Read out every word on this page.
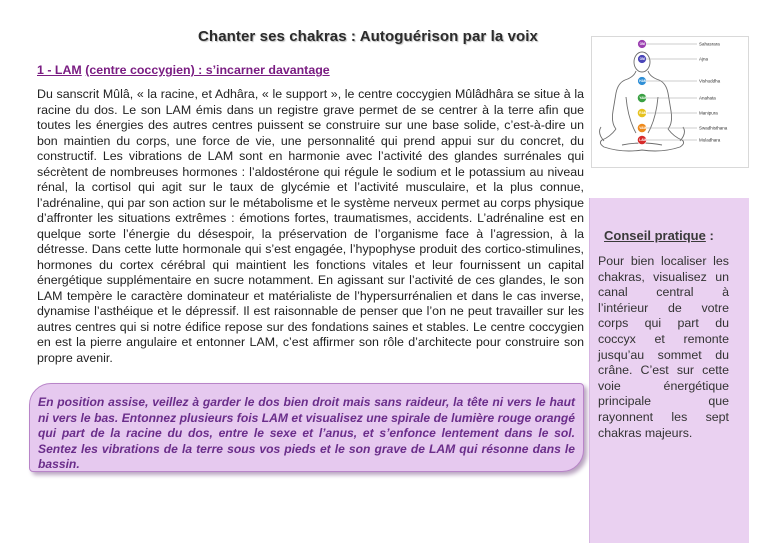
Chanter ses chakras : Autoguérison par la voix
1 - LAM (centre coccygien) : s’incarner davantage
Du sanscrit Mûlâ, « la racine, et Adhâra, « le support », le centre coccygien Mûlâdhâra se situe à la racine du dos. Le son LAM émis dans un registre grave permet de se centrer à la terre afin que toutes les énergies des autres centres puissent se construire sur une base solide, c’est-à-dire un bon maintien du corps, une force de vie, une personnalité qui prend appui sur du concret, du constructif. Les vibrations de LAM sont en harmonie avec l’activité des glandes surrénales qui sécrètent de nombreuses hormones : l’aldostérone qui régule le sodium et le potassium au niveau rénal, la cortisol qui agit sur le taux de glycémie et l’activité musculaire, et la plus connue, l’adrénaline, qui par son action sur le métabolisme et le système nerveux permet au corps physique d’affronter les situations extrêmes : émotions fortes, traumatismes, accidents. L’adrénaline est en quelque sorte l’énergie du désespoir, la préservation de l’organisme face à l’agression, à la détresse. Dans cette lutte hormonale qui s’est engagée, l’hypophyse produit des cortico-stimulines, hormones du cortex cérébral qui maintient les fonctions vitales et leur fournissent un capital énergétique supplémentaire en sucre notamment. En agissant sur l’activité de ces glandes, le son LAM tempère le caractère dominateur et matérialiste de l’hypersurrénalien et dans le cas inverse, dynamise l’asthéique et le dépressif. Il est raisonnable de penser que l’on ne peut travailler sur les autres centres qui si notre édifice repose sur des fondations saines et stables. Le centre coccygien en est la pierre angulaire et entonner LAM, c’est affirmer son rôle d’architecte pour construire son propre avenir.
En position assise, veillez à garder le dos bien droit mais sans raideur, la tête ni vers le haut ni vers le bas. Entonnez plusieurs fois LAM et visualisez une spirale de lumière rouge orangé qui part de la racine du dos, entre le sexe et l’anus, et s’enfonce lentement dans le sol. Sentez les vibrations de la terre sous vos pieds et le son grave de LAM qui résonne dans le bassin.
OM
OM
HAM
YAM
RAM
VAM
LAM
Sahasrara
Ajna
Vishuddha
Anahata
Manipura
Swadhisthana
Muladhara
Conseil pratique :
Pour bien localiser les chakras, visualisez un canal central à l’intérieur de votre corps qui part du coccyx et remonte jusqu’au sommet du crâne. C’est sur cette voie énergétique principale que rayonnent les sept chakras majeurs.
